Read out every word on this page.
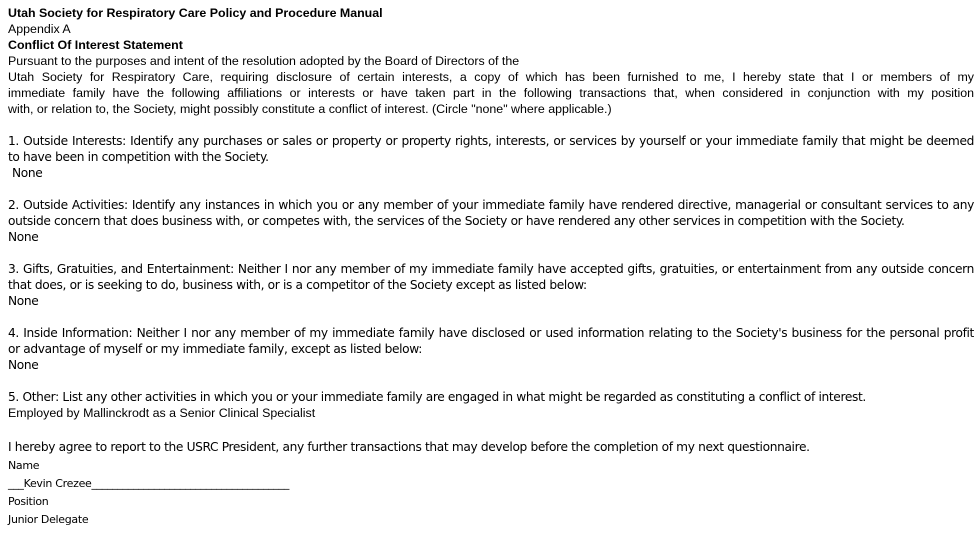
Utah Society for Respiratory Care Policy and Procedure Manual
Appendix A
Conflict Of Interest Statement
Pursuant to the purposes and intent of the resolution adopted by the Board of Directors of the
Utah Society for Respiratory Care, requiring disclosure of certain interests, a copy of which has been furnished to me, I hereby state that I or members of my
immediate family have the following affiliations or interests or have taken part in the following transactions that, when considered in conjunction with my position
with, or relation to, the Society, might possibly constitute a conflict of interest. (Circle "none" where applicable.)
1. Outside Interests: Identify any purchases or sales or property or property rights, interests, or services by yourself or your immediate family that might be deemed
to have been in competition with the Society.
None
2. Outside Activities: Identify any instances in which you or any member of your immediate family have rendered directive, managerial or consultant services to any
outside concern that does business with, or competes with, the services of the Society or have rendered any other services in competition with the Society.
None
3. Gifts, Gratuities, and Entertainment: Neither I nor any member of my immediate family have accepted gifts, gratuities, or entertainment from any outside concern
that does, or is seeking to do, business with, or is a competitor of the Society except as listed below:
None
4. Inside Information: Neither I nor any member of my immediate family have disclosed or used information relating to the Society's business for the personal profit
or advantage of myself or my immediate family, except as listed below:
None
5. Other: List any other activities in which you or your immediate family are engaged in what might be regarded as constituting a conflict of interest.
Employed by Mallinckrodt as a Senior Clinical Specialist
I hereby agree to report to the USRC President, any further transactions that may develop before the completion of my next questionnaire.
Name
___Kevin Crezee______________________________________
Position
Junior Delegate
